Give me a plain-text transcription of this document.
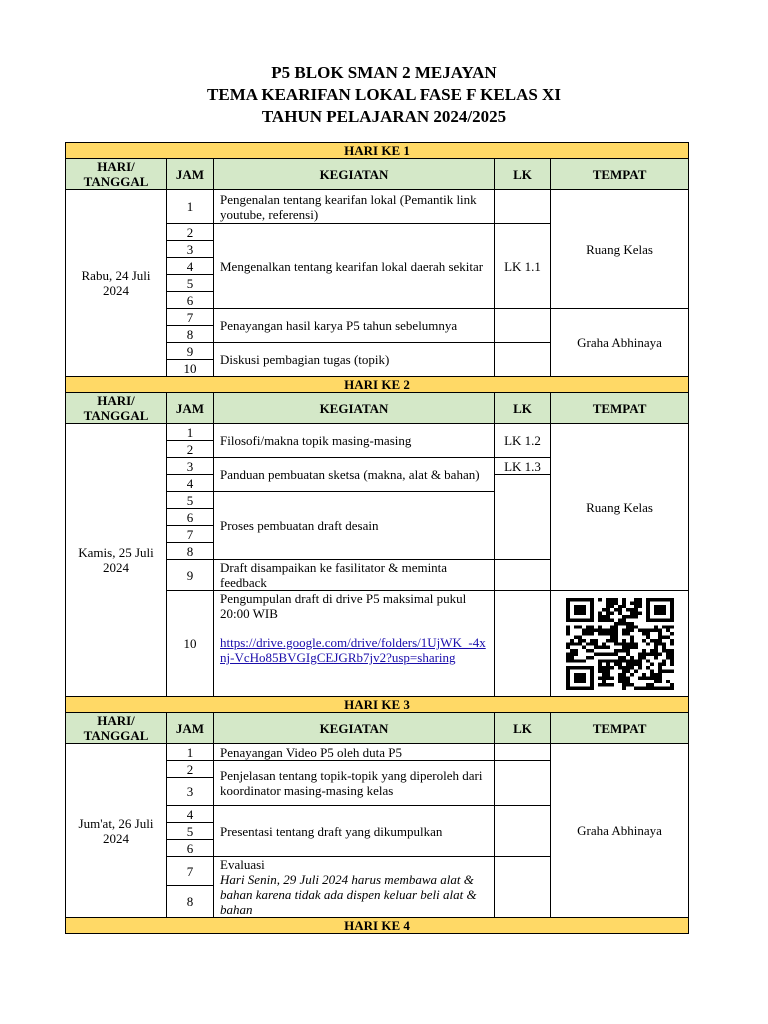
P5 BLOK SMAN 2 MEJAYAN
TEMA KEARIFAN LOKAL FASE F KELAS XI
TAHUN PELAJARAN 2024/2025
HARI KE 1				
HARI/ TANGGAL	JAM	KEGIATAN	LK	TEMPAT
Rabu, 24 Juli 2024	1	Pengenalan tentang kearifan lokal (Pemantik link youtube, referensi)		Ruang Kelas
	2	Mengenalkan tentang kearifan lokal daerah sekitar	LK 1.1	
	3			
	4			
	5			
	6			
	7	Penayangan hasil karya P5 tahun sebelumnya		Graha Abhinaya
	8			
	9	Diskusi pembagian tugas (topik)		
	10			
HARI KE 2				
HARI/ TANGGAL	JAM	KEGIATAN	LK	TEMPAT
Kamis, 25 Juli 2024	1	Filosofi/makna topik masing-masing	LK 1.2	Ruang Kelas
	2			
	3	Panduan pembuatan sketsa (makna, alat & bahan)	LK 1.3	
	4			
	5	Proses pembuatan draft desain		
	6			
	7			
	8			
	9	Draft disampaikan ke fasilitator & meminta feedback		
	10	Pengumpulan draft di drive P5 maksimal pukul 20:00 WIB
https://drive.google.com/drive/folders/1UjWK_-4xnj-VcHo85BVGIgCEJGRb7jv2?usp=sharing		

HARI KE 3				
HARI/ TANGGAL	JAM	KEGIATAN	LK	TEMPAT
Jum'at, 26 Juli 2024	1	Penayangan Video P5 oleh duta P5		Graha Abhinaya
	2	Penjelasan tentang topik-topik yang diperoleh dari koordinator masing-masing kelas		
	3			
	4	Presentasi tentang draft yang dikumpulkan		
	5			
	6			
	7	Evaluasi
Hari Senin, 29 Juli 2024 harus membawa alat & bahan karena tidak ada dispen keluar beli alat & bahan		

	8			
HARI KE 4				
